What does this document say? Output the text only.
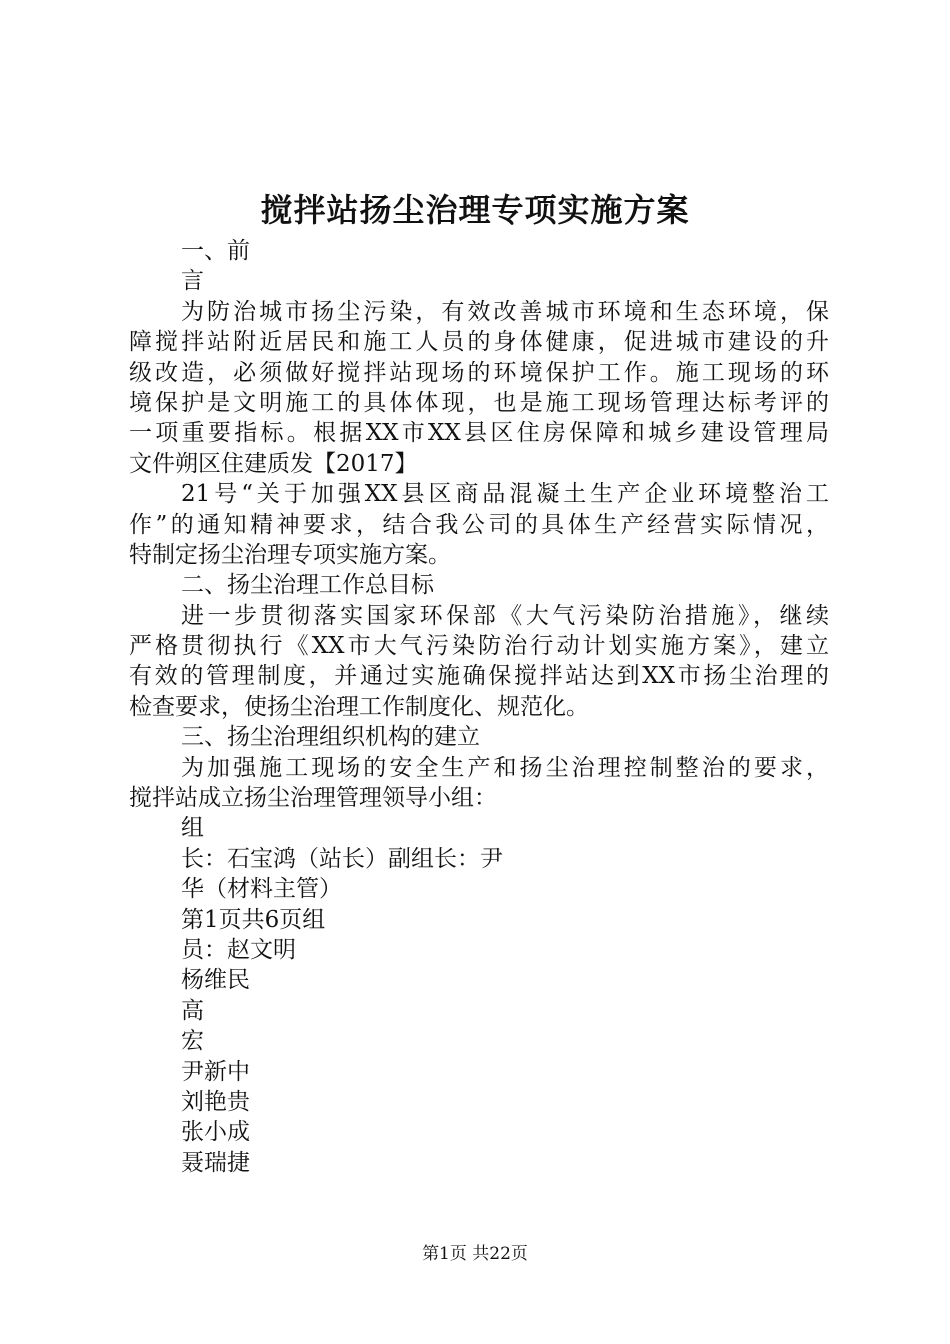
搅拌站扬尘治理专项实施方案
一、前
言
为防治城市扬尘污染，有效改善城市环境和生态环境，保
障搅拌站附近居民和施工人员的身体健康，促进城市建设的升
级改造，必须做好搅拌站现场的环境保护工作。施工现场的环
境保护是文明施工的具体体现，也是施工现场管理达标考评的
一项重要指标。根据XX市XX县区住房保障和城乡建设管理局
文件朔区住建质发【2017】
21号“关于加强XX县区商品混凝土生产企业环境整治工
作”的通知精神要求，结合我公司的具体生产经营实际情况，
特制定扬尘治理专项实施方案。
二、扬尘治理工作总目标
进一步贯彻落实国家环保部《大气污染防治措施》，继续
严格贯彻执行《XX市大气污染防治行动计划实施方案》，建立
有效的管理制度，并通过实施确保搅拌站达到XX市扬尘治理的
检查要求，使扬尘治理工作制度化、规范化。
三、扬尘治理组织机构的建立
为加强施工现场的安全生产和扬尘治理控制整治的要求，
搅拌站成立扬尘治理管理领导小组：
组
长：石宝鸿（站长）副组长：尹
华（材料主管）
第1页共6页组
员：赵文明
杨维民
高
宏
尹新中
刘艳贵
张小成
聂瑞捷
第1页 共22页
